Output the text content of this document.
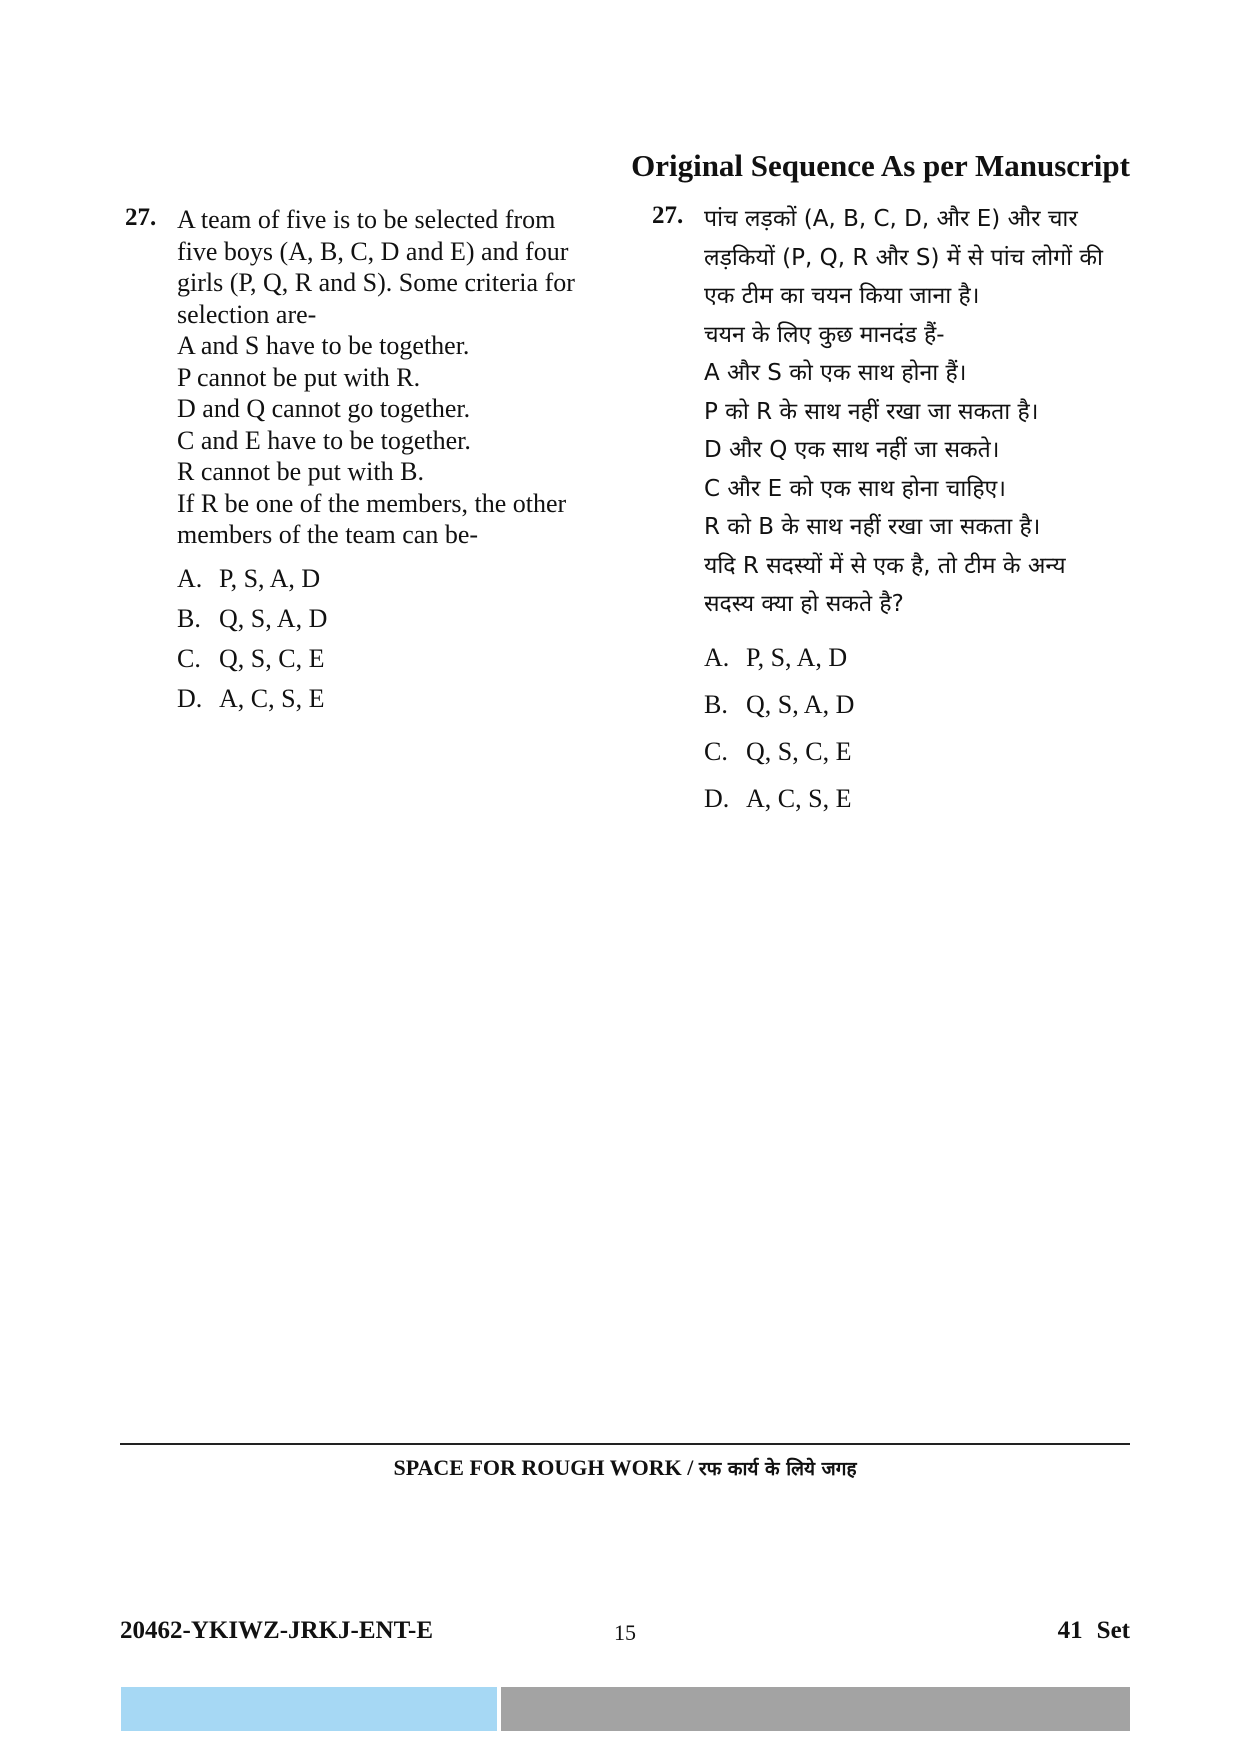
Original Sequence As per Manuscript
27. A team of five is to be selected from
five boys (A, B, C, D and E) and four
girls (P, Q, R and S). Some criteria for
selection are-
A and S have to be together.
P cannot be put with R.
D and Q cannot go together.
C and E have to be together.
R cannot be put with B.
If R be one of the members, the other
members of the team can be-
A. P, S, A, D
B. Q, S, A, D
C. Q, S, C, E
D. A, C, S, E
27. पांच लड़कों (A, B, C, D, और E) और चार
लड़कियों (P, Q, R और S) में से पांच लोगों की
एक टीम का चयन किया जाना है।
चयन के लिए कुछ मानदंड हैं-
A और S को एक साथ होना हैं।
P को R के साथ नहीं रखा जा सकता है।
D और Q एक साथ नहीं जा सकते।
C और E को एक साथ होना चाहिए।
R को B के साथ नहीं रखा जा सकता है।
यदि R सदस्यों में से एक है, तो टीम के अन्य
सदस्य क्या हो सकते है?
A. P, S, A, D
B. Q, S, A, D
C. Q, S, C, E
D. A, C, S, E
SPACE FOR ROUGH WORK / रफ कार्य के लिये जगह
20462-YKIWZ-JRKJ-ENT-E	15	41 Set
